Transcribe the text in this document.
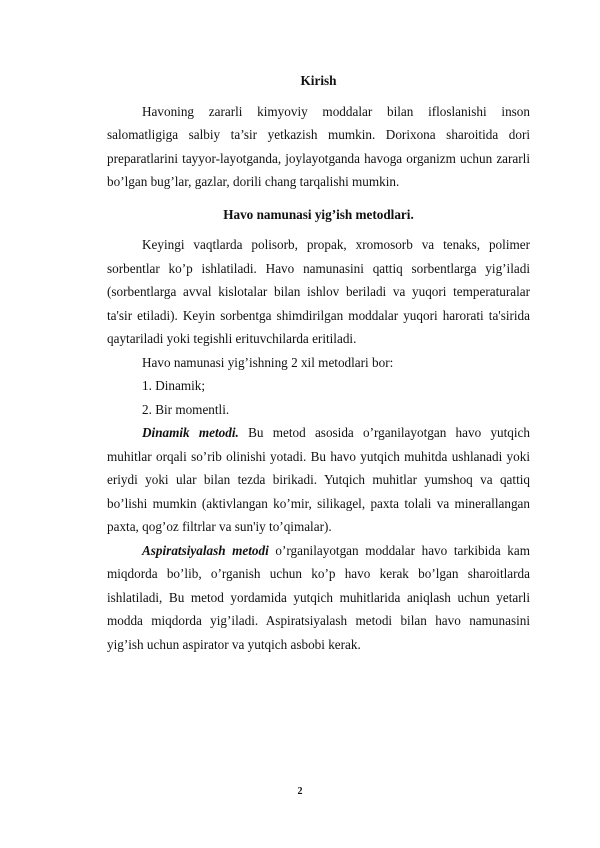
Kirish

Havoning zararli kimyoviy moddalar bilan ifloslanishi inson salomatligiga salbiy ta’sir yetkazish mumkin. Dorixona sharoitida dori preparatlarini tayyor-layotganda, joylayotganda havoga organizm uchun zararli bo’lgan bug’lar, gazlar, dorili chang tarqalishi mumkin.

Havo namunasi yig’ish metodlari.

Keyingi vaqtlarda polisorb, propak, xromosorb va tenaks, polimer sorbentlar ko’p ishlatiladi. Havo namunasini qattiq sorbentlarga yig’iladi (sorbentlarga avval kislotalar bilan ishlov beriladi va yuqori temperaturalar ta'sir etiladi). Keyin sorbentga shimdirilgan moddalar yuqori harorati ta'sirida qaytariladi yoki tegishli erituvchilarda eritiladi.

Havo namunasi yig’ishning 2 xil metodlari bor:

1. Dinamik;

2. Bir momentli.

Dinamik metodi. Bu metod asosida o’rganilayotgan havo yutqich muhitlar orqali so’rib olinishi yotadi. Bu havo yutqich muhitda ushlanadi yoki eriydi yoki ular bilan tezda birikadi. Yutqich muhitlar yumshoq va qattiq bo’lishi mumkin (aktivlangan ko’mir, silikagel, paxta tolali va minerallangan paxta, qog’oz filtrlar va sun'iy to’qimalar).

Aspiratsiyalash metodi o’rganilayotgan moddalar havo tarkibida kam miqdorda bo’lib, o’rganish uchun ko’p havo kerak bo’lgan sharoitlarda ishlatiladi, Bu metod yordamida yutqich muhitlarida aniqlash uchun yetarli modda miqdorda yig’iladi. Aspiratsiyalash metodi bilan havo namunasini yig’ish uchun aspirator va yutqich asbobi kerak.

2
